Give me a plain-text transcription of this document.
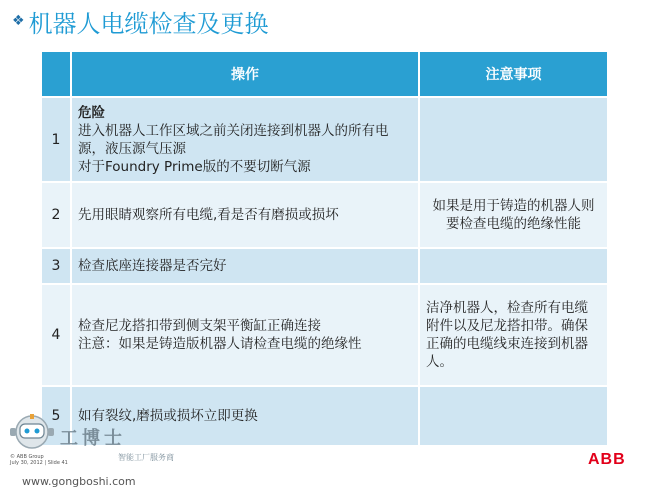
❖ 机器人电缆检查及更换
	操作	注意事项
1	危险
进入机器人工作区域之前关闭连接到机器人的所有电源，液压源气压源
对于Foundry Prime版的不要切断气源	

2	先用眼睛观察所有电缆,看是否有磨损或损坏	如果是用于铸造的机器人则要检查电缆的绝缘性能
3	检查底座连接器是否完好	

4	检查尼龙搭扣带到侧支架平衡缸正确连接
注意：如果是铸造版机器人请检查电缆的绝缘性	洁净机器人，检查所有电缆附件以及尼龙搭扣带。确保正确的电缆线束连接到机器人。
5	如有裂纹,磨损或损坏立即更换	

工博士
智能工厂服务商
© ABB Group
July 30, 2012 | Slide 41
www.gongboshi.com
ABB
